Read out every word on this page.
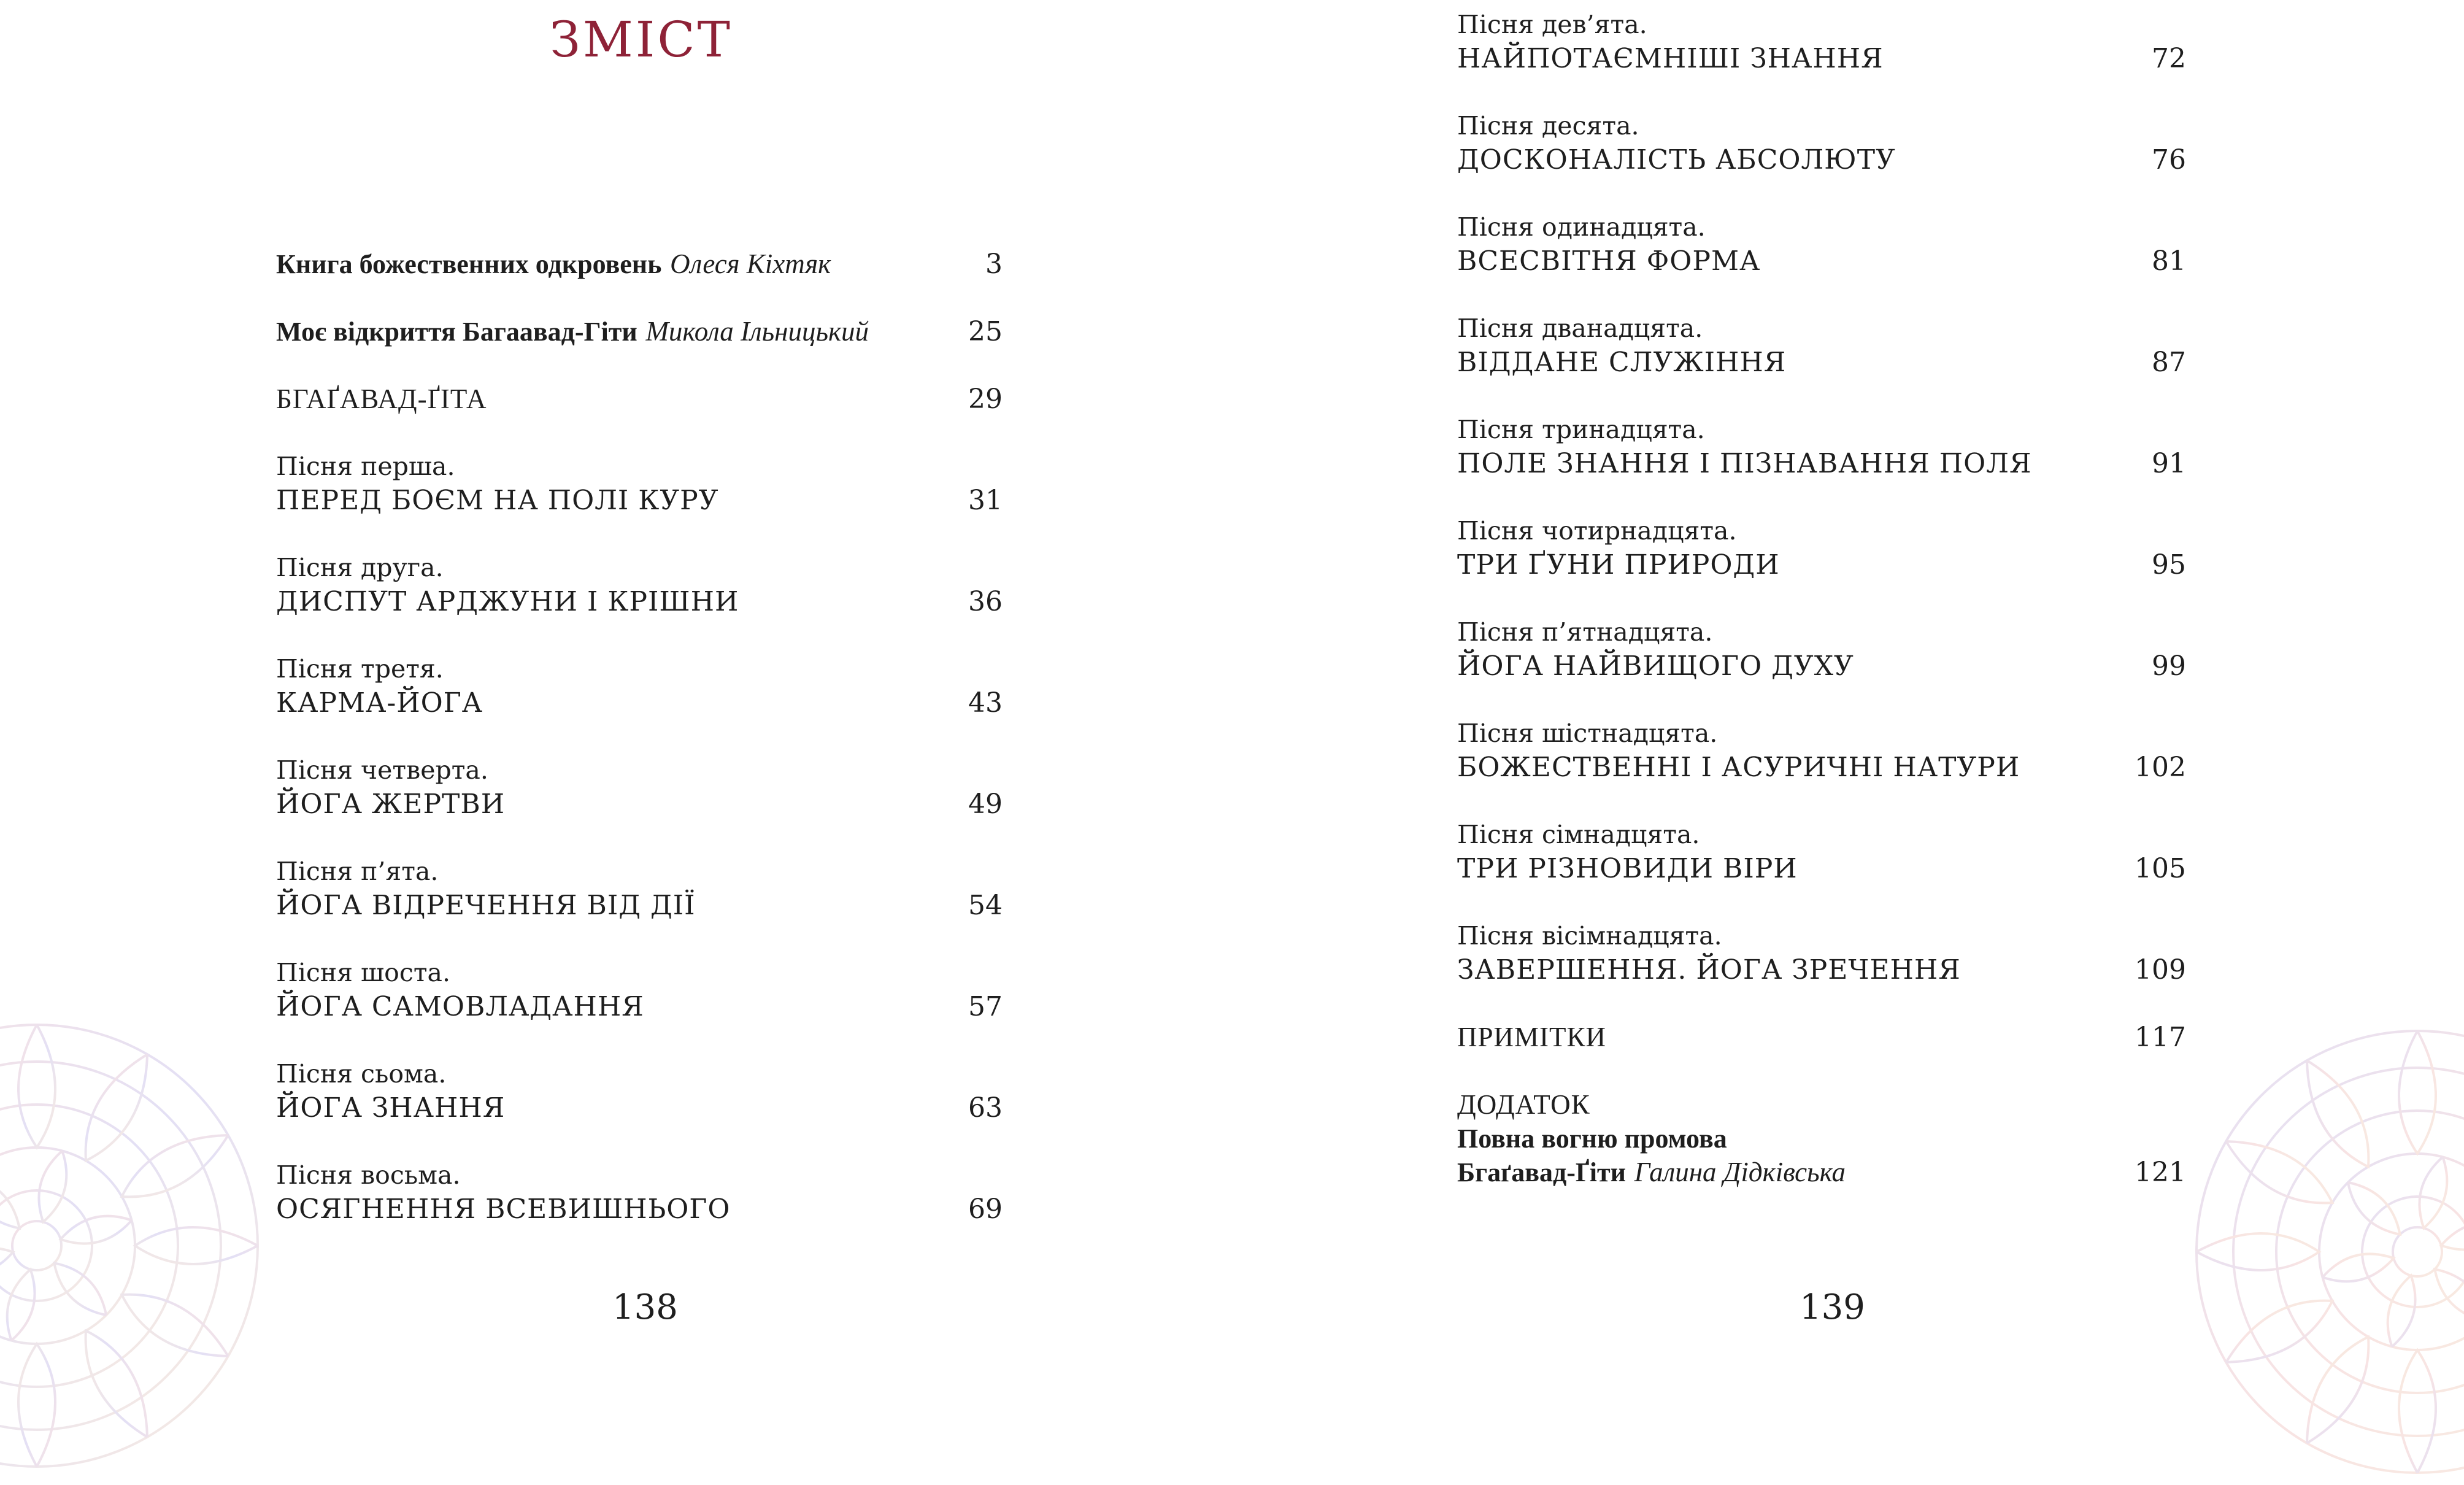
ЗМІСТ
Книга божественних одкровень Олеся Кіхтяк	3
Моє відкриття Багаавад-Гіти Микола Ільницький	25
БГАҐАВАД-ҐІТА	29
Пісня перша.
ПЕРЕД БОЄМ НА ПОЛІ КУРУ	31
Пісня друга.
ДИСПУТ АРДЖУНИ І КРІШНИ	36
Пісня третя.
КАРМА-ЙОГА	43
Пісня четверта.
ЙОГА ЖЕРТВИ	49
Пісня п’ята.
ЙОГА ВІДРЕЧЕННЯ ВІД ДІЇ	54
Пісня шоста.
ЙОГА САМОВЛАДАННЯ	57
Пісня сьома.
ЙОГА ЗНАННЯ	63
Пісня восьма.
ОСЯГНЕННЯ ВСЕВИШНЬОГО	69
138
Пісня дев’ята.
НАЙПОТАЄМНІШІ ЗНАННЯ	72
Пісня десята.
ДОСКОНАЛІСТЬ АБСОЛЮТУ	76
Пісня одинадцята.
ВСЕСВІТНЯ ФОРМА	81
Пісня дванадцята.
ВІДДАНЕ СЛУЖІННЯ	87
Пісня тринадцята.
ПОЛЕ ЗНАННЯ І ПІЗНАВАННЯ ПОЛЯ	91
Пісня чотирнадцята.
ТРИ ҐУНИ ПРИРОДИ	95
Пісня п’ятнадцята.
ЙОГА НАЙВИЩОГО ДУХУ	99
Пісня шістнадцята.
БОЖЕСТВЕННІ І АСУРИЧНІ НАТУРИ	102
Пісня сімнадцята.
ТРИ РІЗНОВИДИ ВІРИ	105
Пісня вісімнадцята.
ЗАВЕРШЕННЯ. ЙОГА ЗРЕЧЕННЯ	109
ПРИМІТКИ	117
ДОДАТОК
Повна вогню промова
Бгаґавад-Ґіти Галина Дідківська	121
139
